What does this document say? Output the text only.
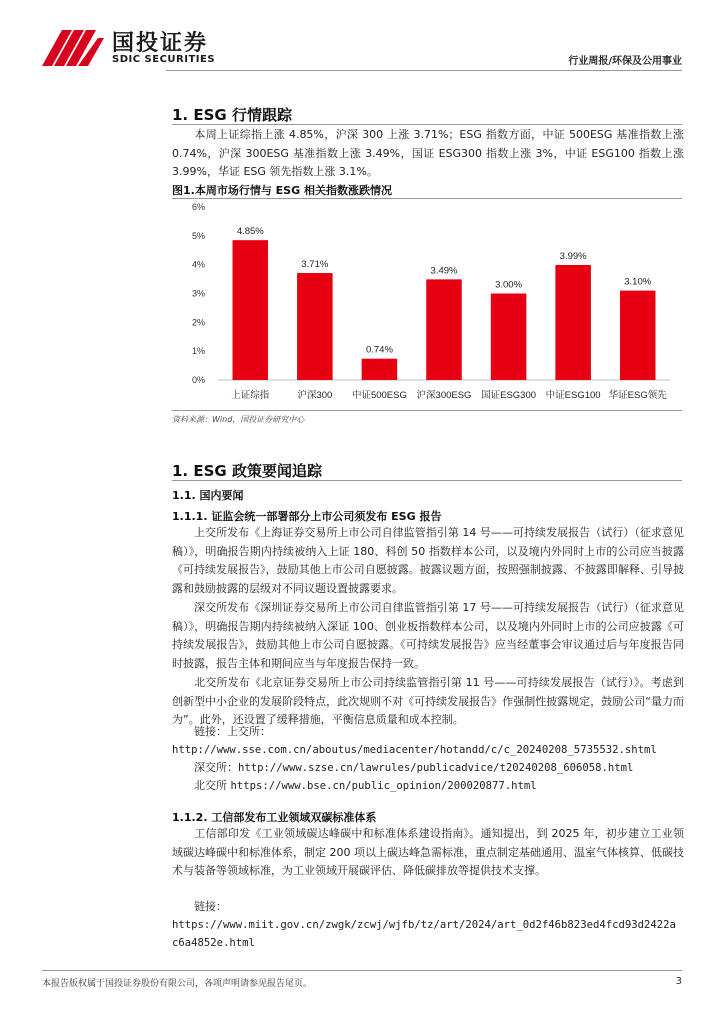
国投证券
SDIC SECURITIES	行业周报/环保及公用事业
1. ESG 行情跟踪
本周上证综指上涨 4.85%，沪深 300 上涨 3.71%；ESG 指数方面，中证 500ESG 基准指数上涨 0.74%，沪深 300ESG 基准指数上涨 3.49%，国证 ESG300 指数上涨 3%，中证 ESG100 指数上涨 3.99%，华证 ESG 领先指数上涨 3.1%。
图1.本周市场行情与 ESG 相关指数涨跌情况
0%
1%
2%
3%
4%
5%
6%
4.85%
上证综指
3.71%
沪深300
0.74%
中证500ESG
3.49%
沪深300ESG
3.00%
国证ESG300
3.99%
中证ESG100
3.10%
华证ESG领先
资料来源：Wind，国投证券研究中心
1. ESG 政策要闻追踪
1.1. 国内要闻
1.1.1. 证监会统一部署部分上市公司须发布 ESG 报告
上交所发布《上海证券交易所上市公司自律监管指引第 14 号——可持续发展报告（试行）（征求意见稿）》，明确报告期内持续被纳入上证 180、科创 50 指数样本公司，以及境内外同时上市的公司应当披露《可持续发展报告》，鼓励其他上市公司自愿披露。披露议题方面，按照强制披露、不披露即解释、引导披露和鼓励披露的层级对不同议题设置披露要求。
深交所发布《深圳证券交易所上市公司自律监管指引第 17 号——可持续发展报告（试行）（征求意见稿）》，明确报告期内持续被纳入深证 100、创业板指数样本公司，以及境内外同时上市的公司应披露《可持续发展报告》，鼓励其他上市公司自愿披露。《可持续发展报告》应当经董事会审议通过后与年度报告同时披露，报告主体和期间应当与年度报告保持一致。
北交所发布《北京证券交易所上市公司持续监管指引第 11 号——可持续发展报告（试行）》。考虑到创新型中小企业的发展阶段特点，此次规则不对《可持续发展报告》作强制性披露规定，鼓励公司“量力而为”。此外，还设置了缓释措施，平衡信息质量和成本控制。
链接：上交所：
http://www.sse.com.cn/aboutus/mediacenter/hotandd/c/c_20240208_5735532.shtml
深交所：http://www.szse.cn/lawrules/publicadvice/t20240208_606058.html
北交所 https://www.bse.cn/public_opinion/200020877.html
1.1.2. 工信部发布工业领域双碳标准体系
工信部印发《工业领域碳达峰碳中和标准体系建设指南》。通知提出，到 2025 年，初步建立工业领域碳达峰碳中和标准体系，制定 200 项以上碳达峰急需标准，重点制定基础通用、温室气体核算、低碳技术与装备等领域标准，为工业领域开展碳评估、降低碳排放等提供技术支撑。
链接：
https://www.miit.gov.cn/zwgk/zcwj/wjfb/tz/art/2024/art_0d2f46b823ed4fcd93d2422a
c6a4852e.html
本报告版权属于国投证券股份有限公司，各项声明请参见报告尾页。	3
